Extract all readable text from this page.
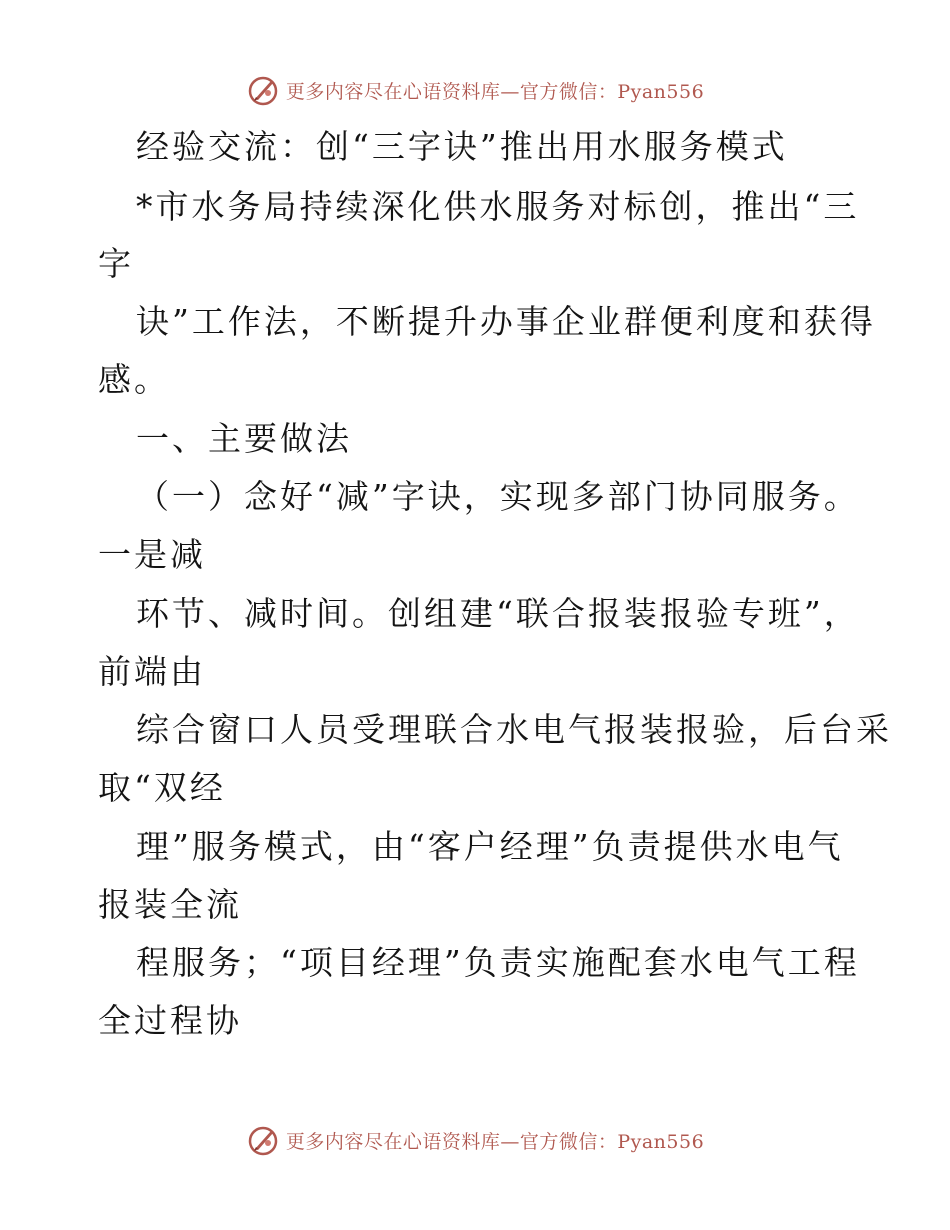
更多内容尽在心语资料库—官方微信：Pyan556
经验交流：创“三字诀”推出用水服务模式
*市水务局持续深化供水服务对标创，推出“三
字
诀”工作法，不断提升办事企业群便利度和获得
感。
一、主要做法
（一）念好“减”字诀，实现多部门协同服务。
一是减
环节、减时间。创组建“联合报装报验专班”，
前端由
综合窗口人员受理联合水电气报装报验，后台采
取“双经
理”服务模式，由“客户经理”负责提供水电气
报装全流
程服务；“项目经理”负责实施配套水电气工程
全过程协
更多内容尽在心语资料库—官方微信：Pyan556
